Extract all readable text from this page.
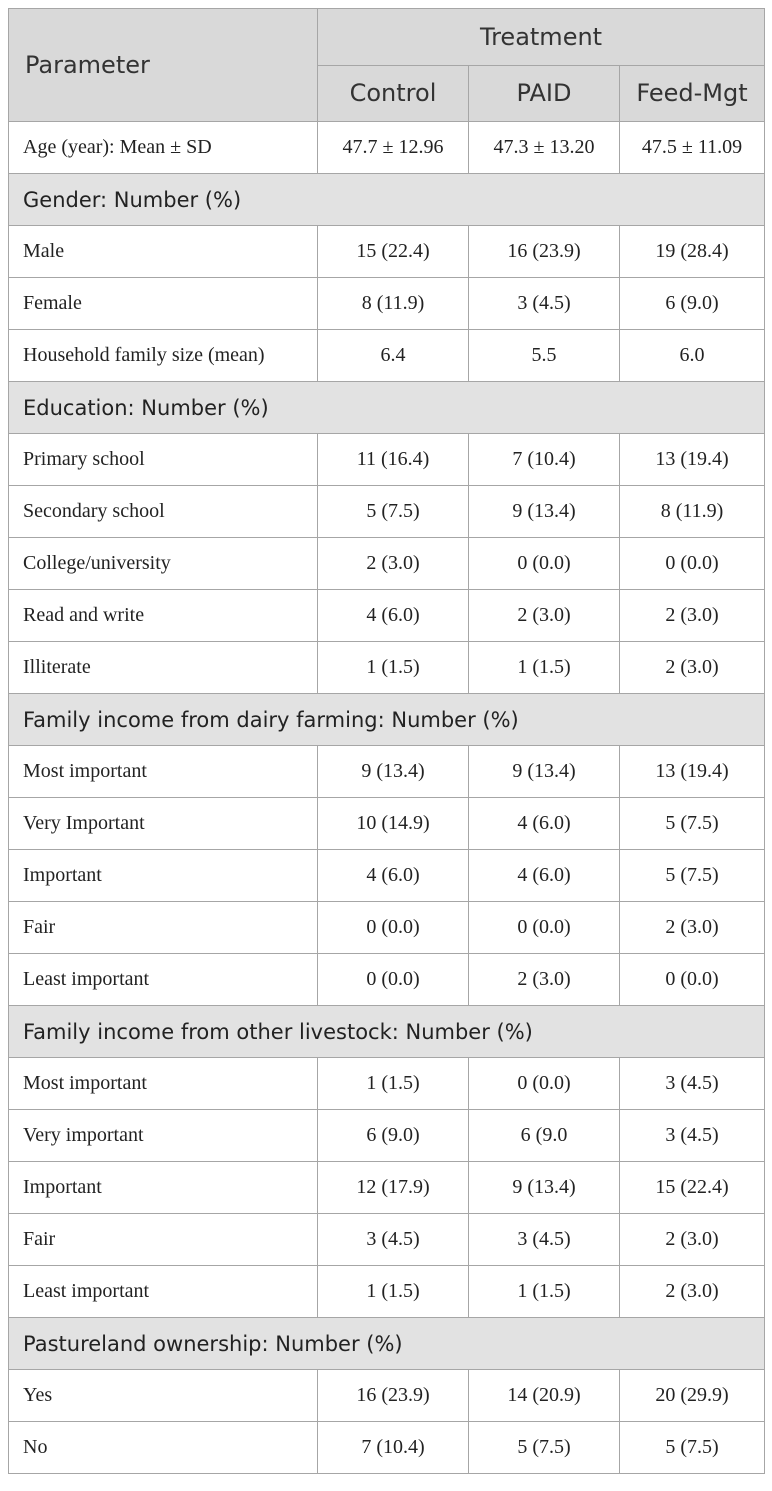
Parameter	Treatment		
	Control	PAID	Feed-Mgt
Age (year): Mean ± SD	47.7 ± 12.96	47.3 ± 13.20	47.5 ± 11.09
Gender: Number (%)			
Male	15 (22.4)	16 (23.9)	19 (28.4)
Female	8 (11.9)	3 (4.5)	6 (9.0)
Household family size (mean)	6.4	5.5	6.0
Education: Number (%)			
Primary school	11 (16.4)	7 (10.4)	13 (19.4)
Secondary school	5 (7.5)	9 (13.4)	8 (11.9)
College/university	2 (3.0)	0 (0.0)	0 (0.0)
Read and write	4 (6.0)	2 (3.0)	2 (3.0)
Illiterate	1 (1.5)	1 (1.5)	2 (3.0)
Family income from dairy farming: Number (%)			
Most important	9 (13.4)	9 (13.4)	13 (19.4)
Very Important	10 (14.9)	4 (6.0)	5 (7.5)
Important	4 (6.0)	4 (6.0)	5 (7.5)
Fair	0 (0.0)	0 (0.0)	2 (3.0)
Least important	0 (0.0)	2 (3.0)	0 (0.0)
Family income from other livestock: Number (%)			
Most important	1 (1.5)	0 (0.0)	3 (4.5)
Very important	6 (9.0)	6 (9.0	3 (4.5)
Important	12 (17.9)	9 (13.4)	15 (22.4)
Fair	3 (4.5)	3 (4.5)	2 (3.0)
Least important	1 (1.5)	1 (1.5)	2 (3.0)
Pastureland ownership: Number (%)			
Yes	16 (23.9)	14 (20.9)	20 (29.9)
No	7 (10.4)	5 (7.5)	5 (7.5)
